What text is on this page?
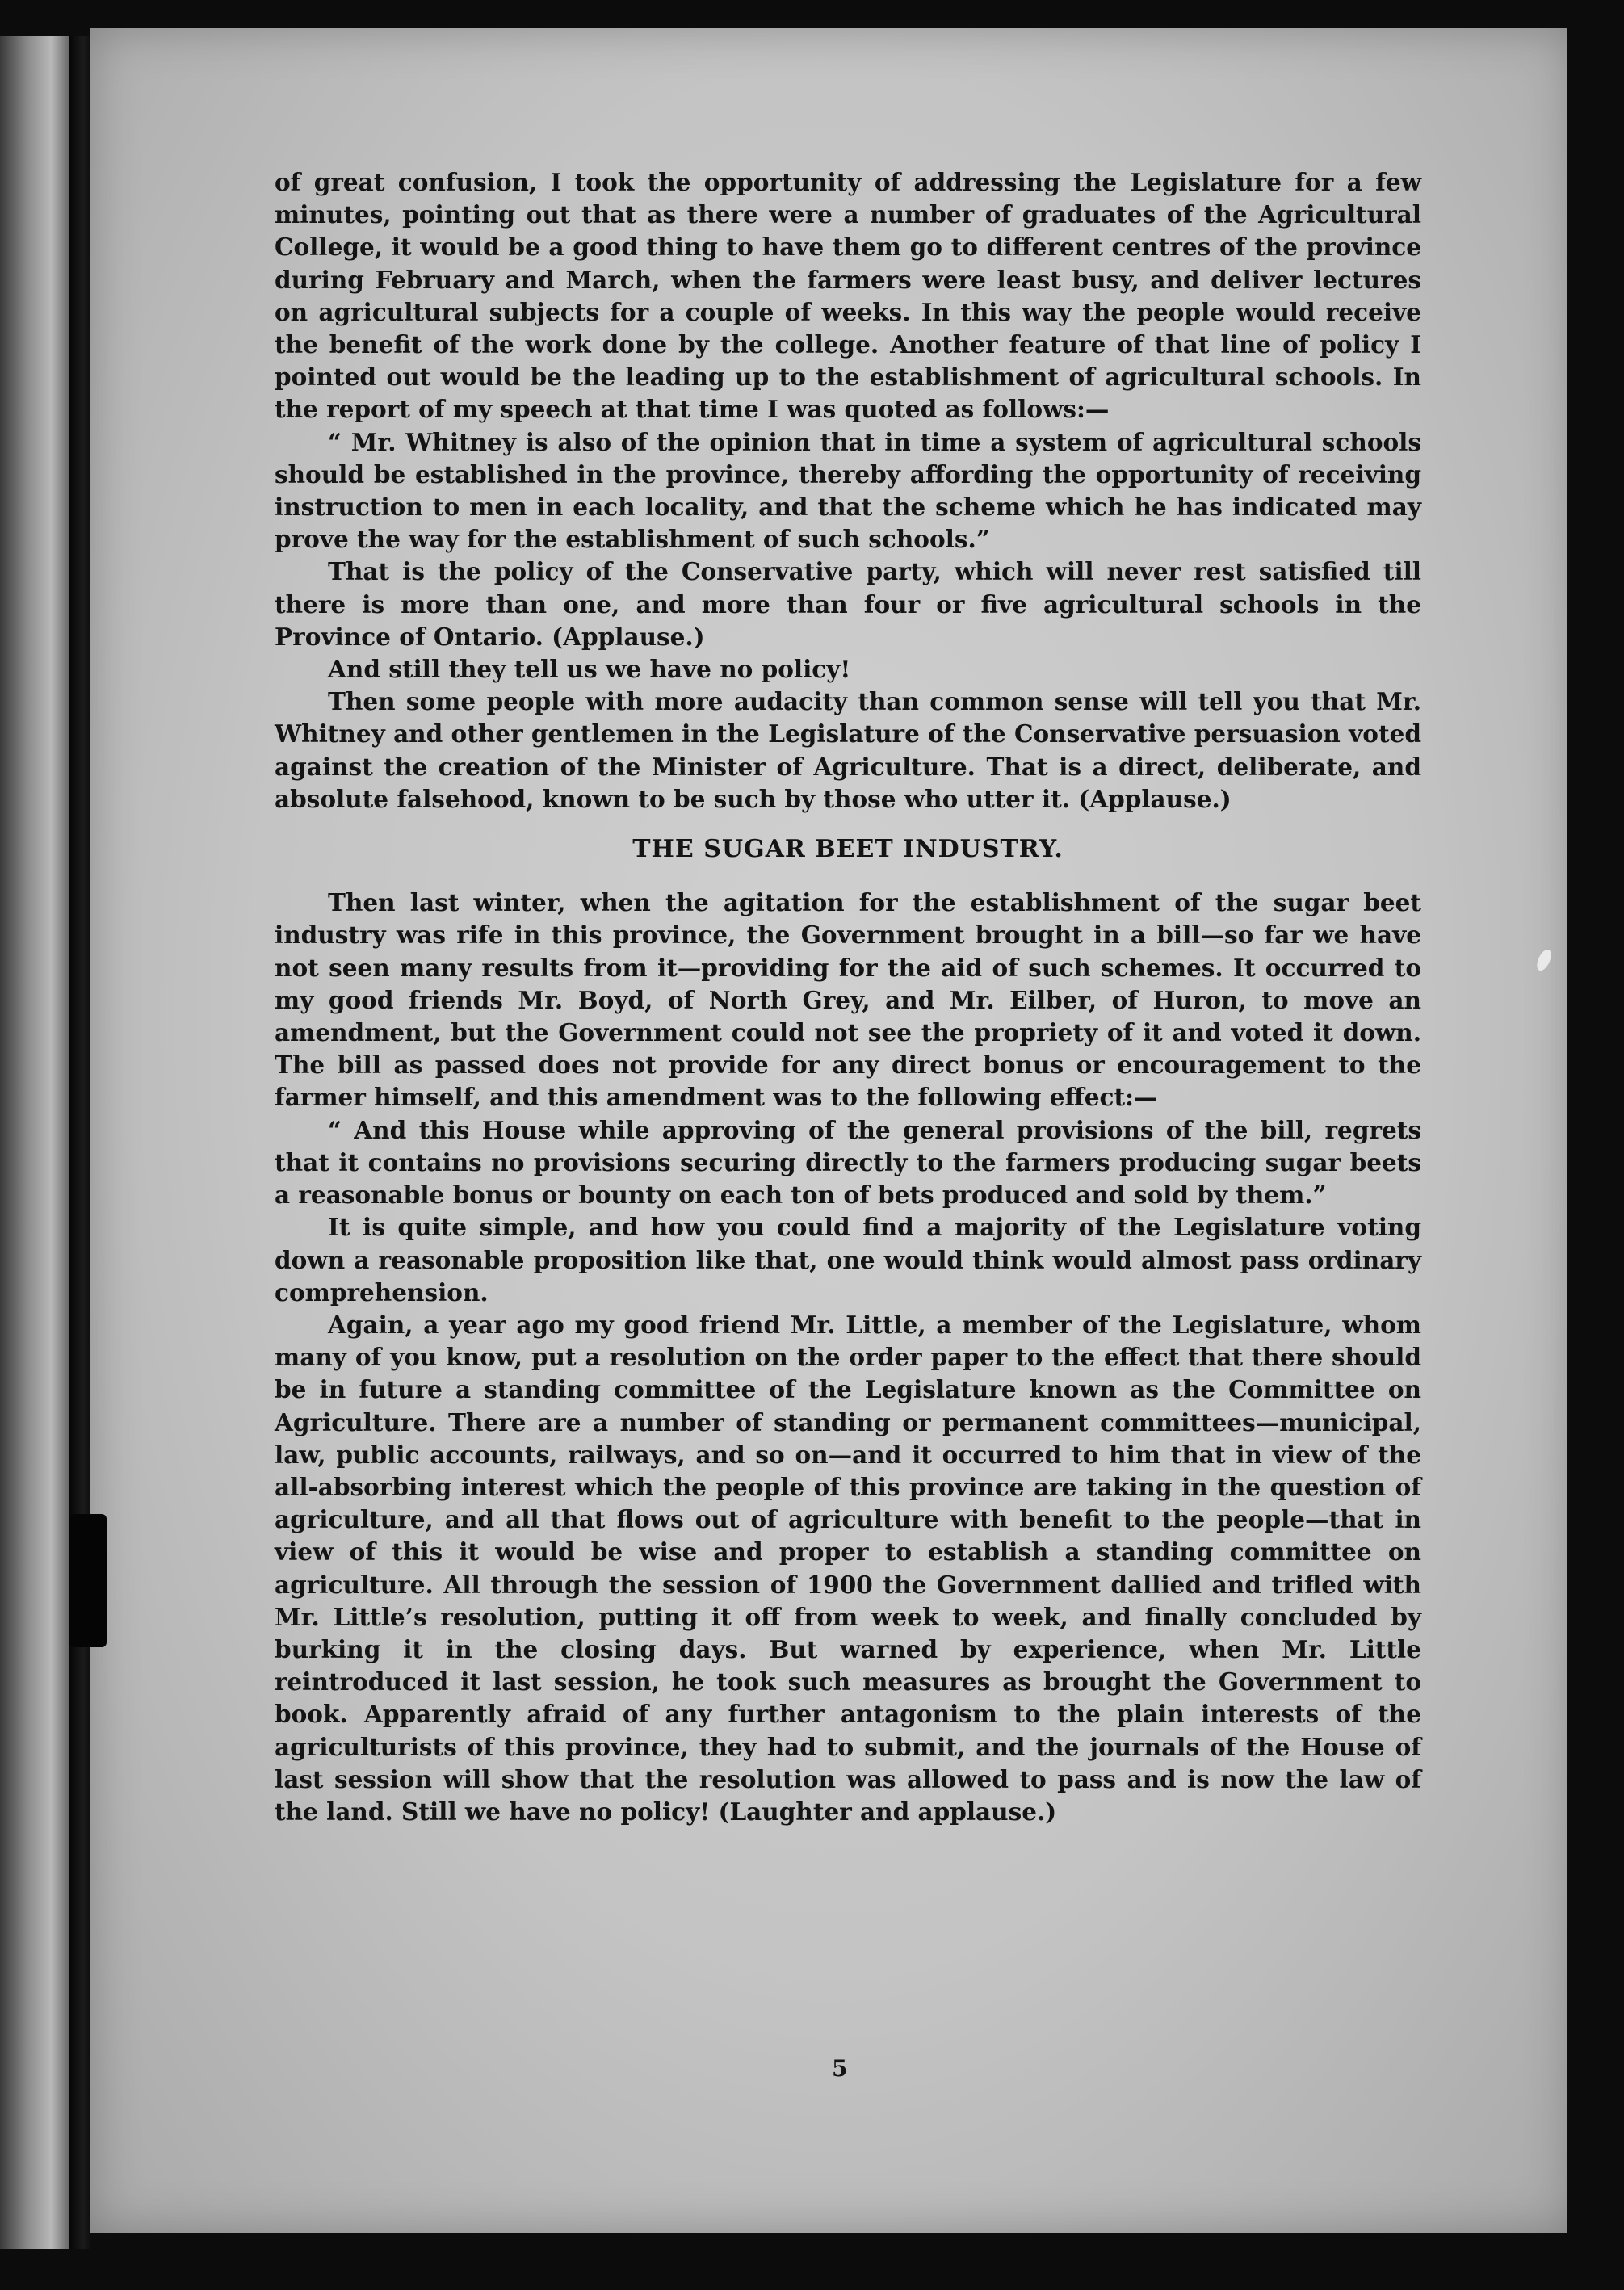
of great confusion, I took the opportunity of addressing the Legislature for a few minutes, pointing out that as there were a number of graduates of the Agricultural College, it would be a good thing to have them go to different centres of the province during February and March, when the farmers were least busy, and deliver lectures on agricultural subjects for a couple of weeks. In this way the people would receive the benefit of the work done by the college. Another feature of that line of policy I pointed out would be the leading up to the establishment of agricultural schools. In the report of my speech at that time I was quoted as follows:—

“ Mr. Whitney is also of the opinion that in time a system of agricultural schools should be established in the province, thereby affording the opportunity of receiving instruction to men in each locality, and that the scheme which he has indicated may prove the way for the establishment of such schools.”

That is the policy of the Conservative party, which will never rest satisfied till there is more than one, and more than four or five agricultural schools in the Province of Ontario. (Applause.)

And still they tell us we have no policy!

Then some people with more audacity than common sense will tell you that Mr. Whitney and other gentlemen in the Legislature of the Conservative persuasion voted against the creation of the Minister of Agriculture. That is a direct, deliberate, and absolute falsehood, known to be such by those who utter it. (Applause.)

THE SUGAR BEET INDUSTRY.

Then last winter, when the agitation for the establishment of the sugar beet industry was rife in this province, the Government brought in a bill—so far we have not seen many results from it—providing for the aid of such schemes. It occurred to my good friends Mr. Boyd, of North Grey, and Mr. Eilber, of Huron, to move an amendment, but the Government could not see the propriety of it and voted it down. The bill as passed does not provide for any direct bonus or encouragement to the farmer himself, and this amendment was to the following effect:—

“ And this House while approving of the general provisions of the bill, regrets that it contains no provisions securing directly to the farmers producing sugar beets a reasonable bonus or bounty on each ton of bets produced and sold by them.”

It is quite simple, and how you could find a majority of the Legislature voting down a reasonable proposition like that, one would think would almost pass ordinary comprehension.

Again, a year ago my good friend Mr. Little, a member of the Legislature, whom many of you know, put a resolution on the order paper to the effect that there should be in future a standing committee of the Legislature known as the Committee on Agriculture. There are a number of standing or permanent committees—municipal, law, public accounts, railways, and so on—and it occurred to him that in view of the all-absorbing interest which the people of this province are taking in the question of agriculture, and all that flows out of agriculture with benefit to the people—that in view of this it would be wise and proper to establish a standing committee on agriculture. All through the session of 1900 the Government dallied and trifled with Mr. Little’s resolution, putting it off from week to week, and finally concluded by burking it in the closing days. But warned by experience, when Mr. Little reintroduced it last session, he took such measures as brought the Government to book. Apparently afraid of any further antagonism to the plain interests of the agriculturists of this province, they had to submit, and the journals of the House of last session will show that the resolution was allowed to pass and is now the law of the land. Still we have no policy! (Laughter and applause.)

5
